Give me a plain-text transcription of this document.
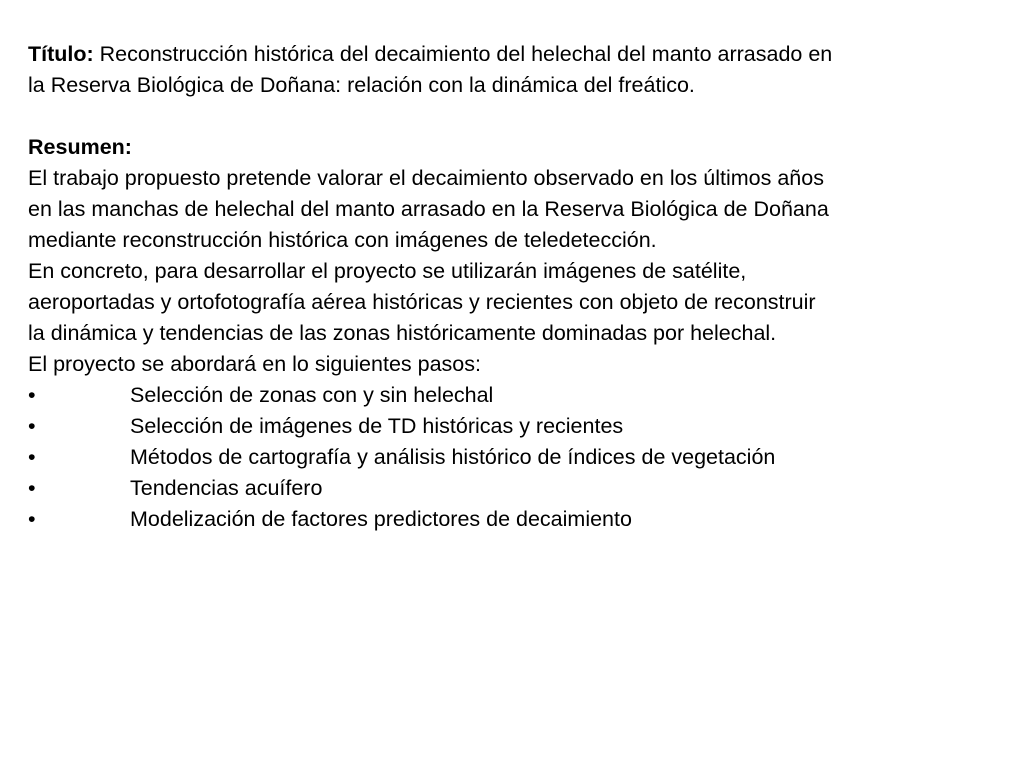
Título: Reconstrucción histórica del decaimiento del helechal del manto arrasado en
la Reserva Biológica de Doñana: relación con la dinámica del freático.
Resumen:
El trabajo propuesto pretende valorar el decaimiento observado en los últimos años
en las manchas de helechal del manto arrasado en la Reserva Biológica de Doñana
mediante reconstrucción histórica con imágenes de teledetección.
En concreto, para desarrollar el proyecto se utilizarán imágenes de satélite,
aeroportadas y ortofotografía aérea históricas y recientes con objeto de reconstruir
la dinámica y tendencias de las zonas históricamente dominadas por helechal.
El proyecto se abordará en lo siguientes pasos:
•	Selección de zonas con y sin helechal
•	Selección de imágenes de TD históricas y recientes
•	Métodos de cartografía y análisis histórico de índices de vegetación
•	Tendencias acuífero
•	Modelización de factores predictores de decaimiento
